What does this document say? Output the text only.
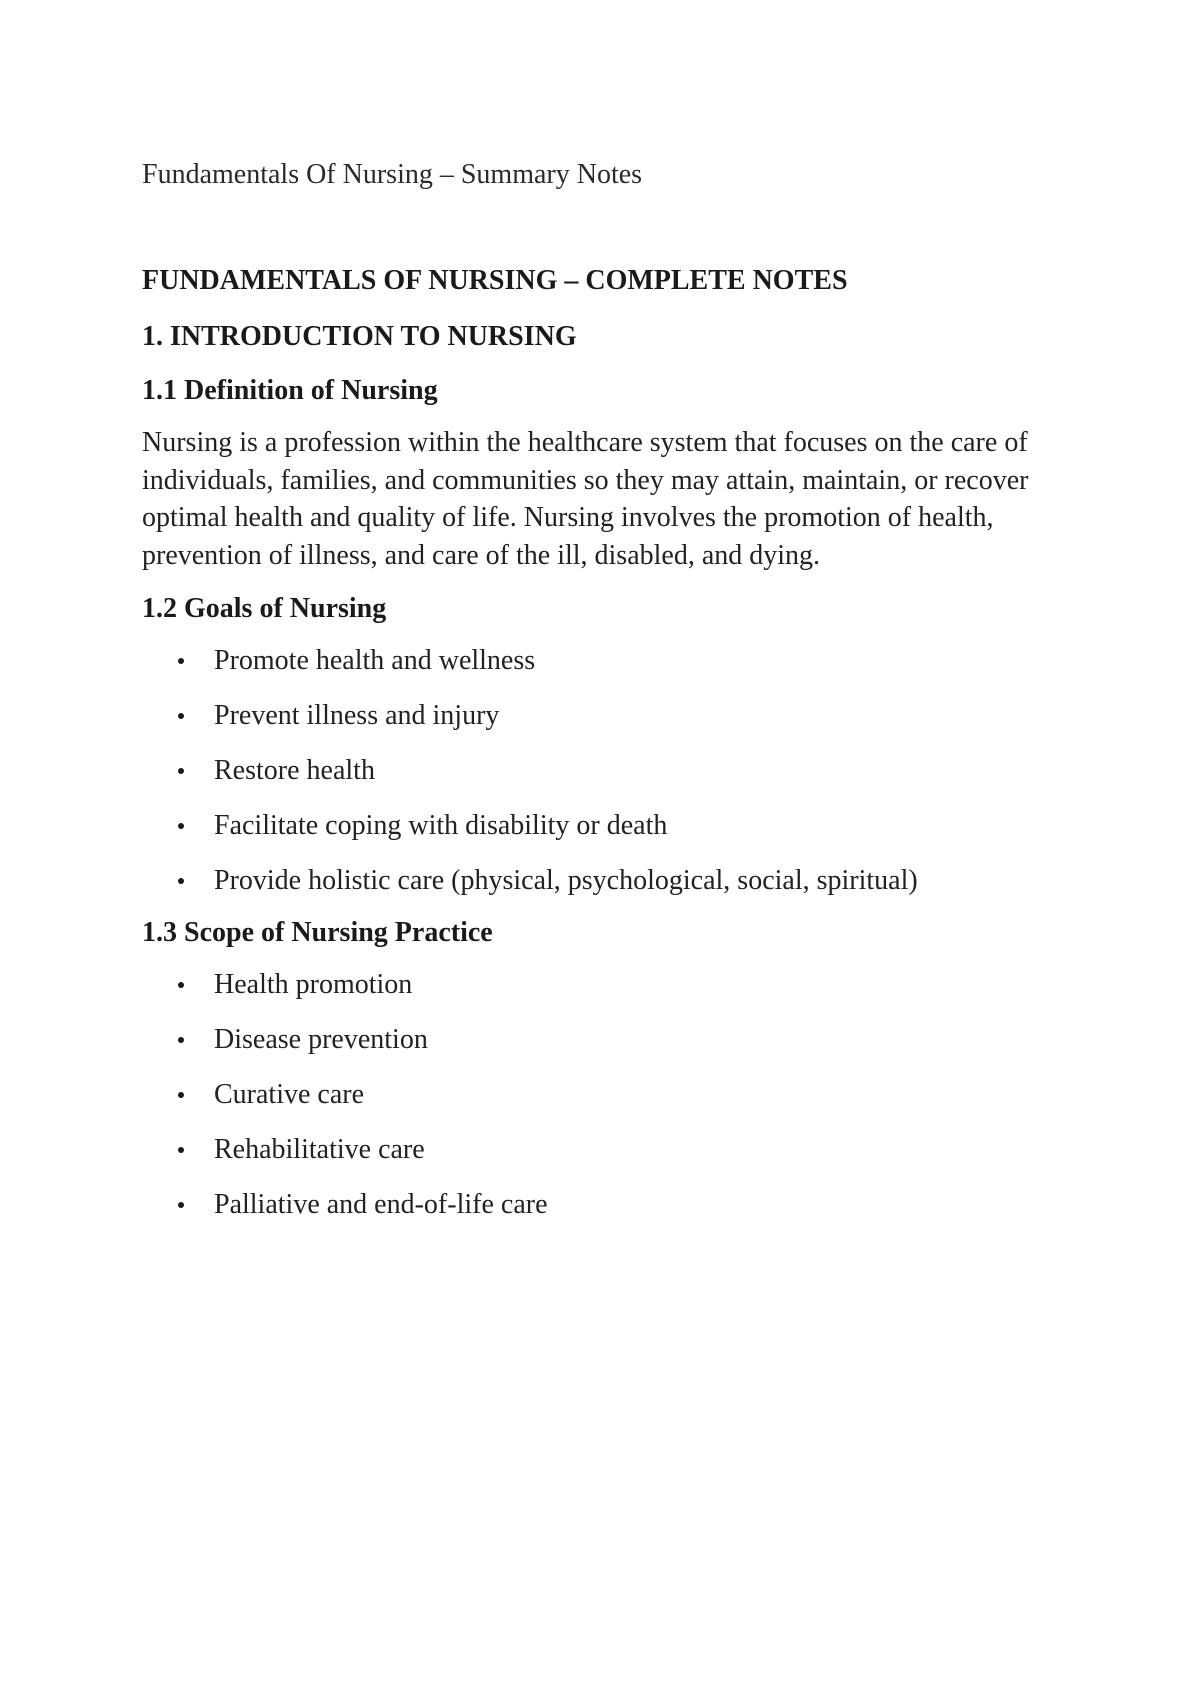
Fundamentals Of Nursing – Summary Notes
FUNDAMENTALS OF NURSING – COMPLETE NOTES
1. INTRODUCTION TO NURSING
1.1 Definition of Nursing

Nursing is a profession within the healthcare system that focuses on the care of individuals, families, and communities so they may attain, maintain, or recover optimal health and quality of life. Nursing involves the promotion of health, prevention of illness, and care of the ill, disabled, and dying.

1.2 Goals of Nursing
Promote health and wellness
Prevent illness and injury
Restore health
Facilitate coping with disability or death
Provide holistic care (physical, psychological, social, spiritual)
1.3 Scope of Nursing Practice
Health promotion
Disease prevention
Curative care
Rehabilitative care
Palliative and end-of-life care
